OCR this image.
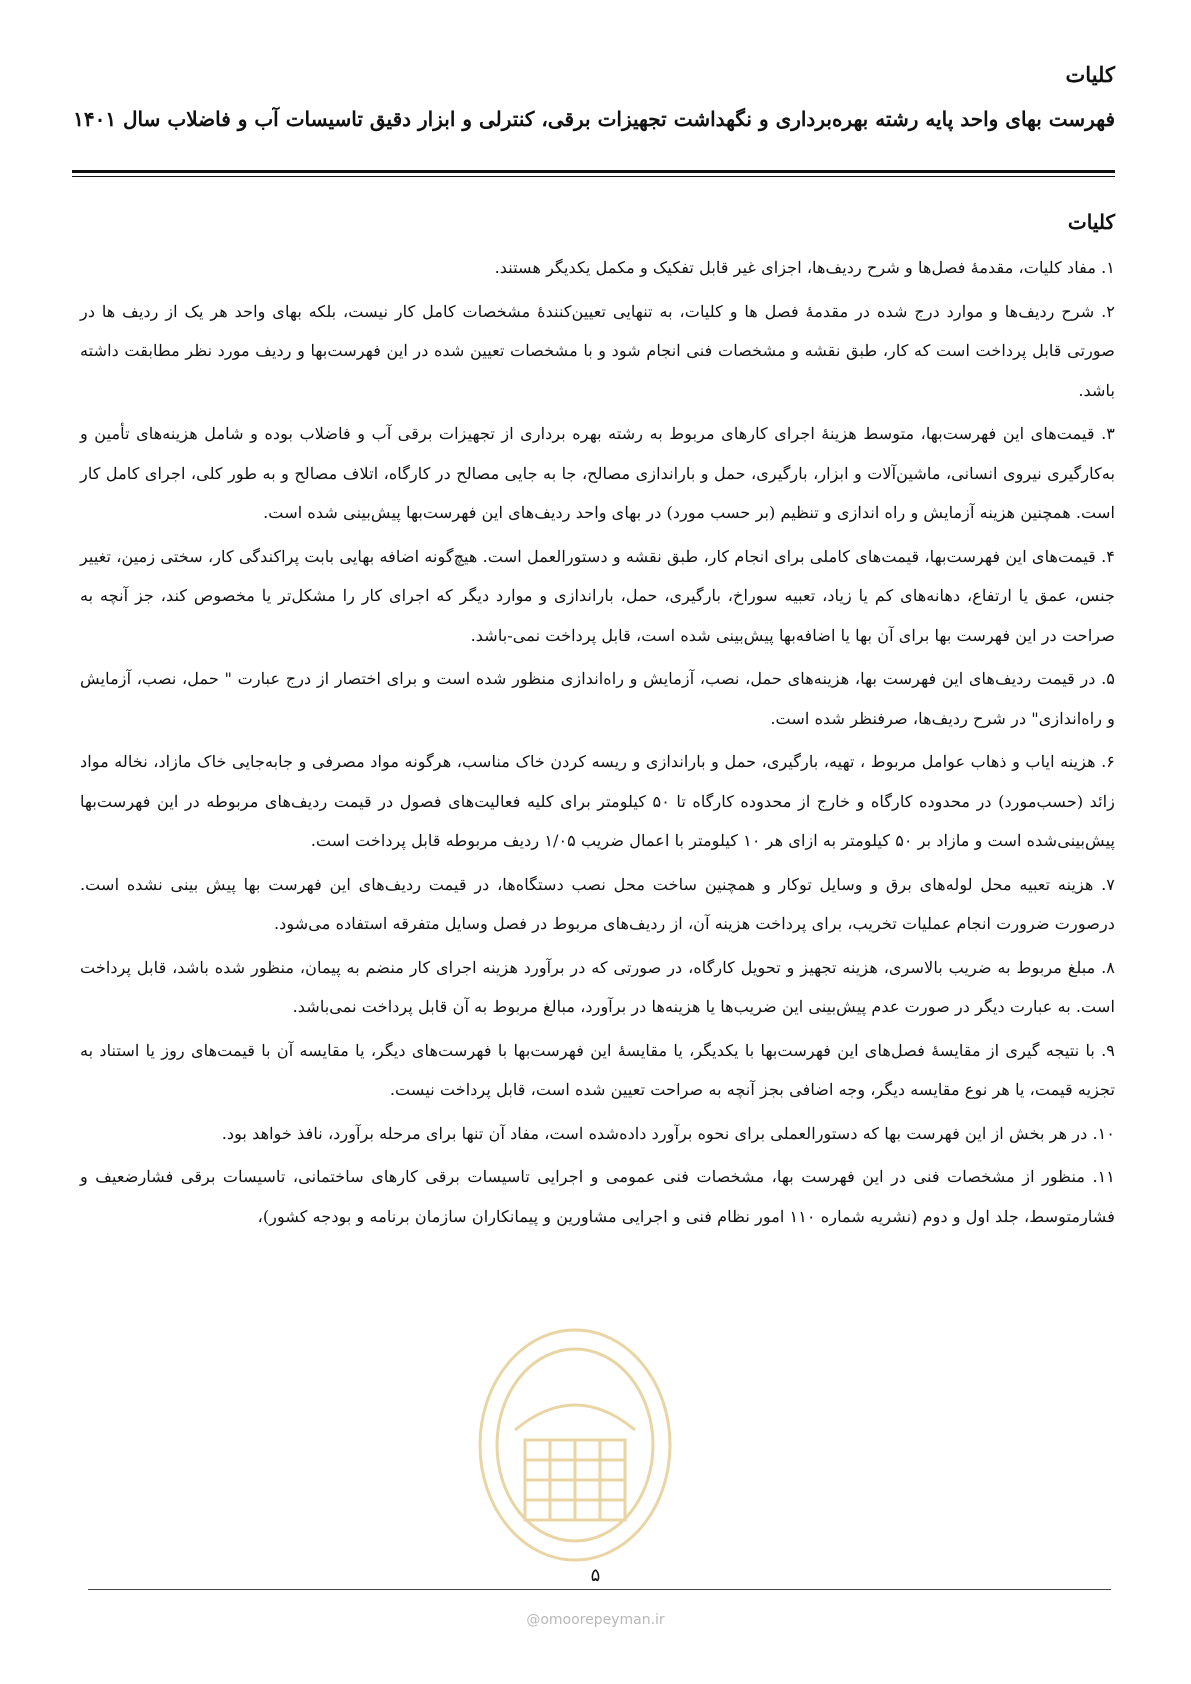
کلیات
فهرست بهای واحد پایه رشته بهره‌برداری و نگهداشت تجهیزات برقی، کنترلی و ابزار دقیق تاسیسات آب و فاضلاب سال ۱۴۰۱
کلیات

۱. مفاد کلیات، مقدمهٔ فصل‌ها و شرح ردیف‌ها، اجزای غیر قابل تفکیک و مکمل یکدیگر هستند.

۲. شرح ردیف‌ها و موارد درج شده در مقدمهٔ فصل ها و کلیات، به تنهایی تعیین‌کنندهٔ مشخصات کامل کار نیست، بلکه بهای واحد هر یک از ردیف ها در صورتی قابل پرداخت است که کار، طبق نقشه و مشخصات فنی انجام شود و با مشخصات تعیین شده در این فهرست‌بها و ردیف مورد نظر مطابقت داشته باشد.

۳. قیمت‌های این فهرست‌بها، متوسط هزینهٔ اجرای کارهای مربوط به رشته بهره برداری از تجهیزات برقی آب و فاضلاب بوده و شامل هزینه‌های تأمین و به‌کارگیری نیروی انسانی، ماشین‌آلات و ابزار، بارگیری، حمل و باراندازی مصالح، جا به جایی مصالح در کارگاه، اتلاف مصالح و به طور کلی، اجرای کامل کار است. همچنین هزینه آزمایش و راه اندازی و تنظیم (بر حسب مورد) در بهای واحد ردیف‌های این فهرست‌بها پیش‌بینی شده است.

۴. قیمت‌های این فهرست‌بها، قیمت‌های کاملی برای انجام کار، طبق نقشه و دستورالعمل است. هیچ‌گونه اضافه بهایی بابت پراکندگی کار، سختی زمین، تغییر جنس، عمق یا ارتفاع، دهانه‌های کم یا زیاد، تعبیه سوراخ، بارگیری، حمل، باراندازی و موارد دیگر که اجرای کار را مشکل‌تر یا مخصوص کند، جز آنچه به صراحت در این فهرست بها برای آن بها یا اضافه‌بها پیش‌بینی شده است، قابل پرداخت نمی-باشد.

۵. در قیمت ردیف‌های این فهرست بها، هزینه‌های حمل، نصب، آزمایش و راه‌اندازی منظور شده است و برای اختصار از درج عبارت " حمل، نصب، آزمایش و راه‌اندازی" در شرح ردیف‌ها، صرفنظر شده است.

۶. هزینه ایاب و ذهاب عوامل مربوط ، تهیه، بارگیری، حمل و باراندازی و ریسه کردن خاک مناسب، هرگونه مواد مصرفی و جابه‌جایی خاک مازاد، نخاله مواد زائد (حسب‌مورد) در محدوده کارگاه و خارج از محدوده کارگاه تا ۵۰ کیلومتر برای کلیه فعالیت‌های فصول در قیمت ردیف‌های مربوطه در این فهرست‌بها پیش‌بینی‌شده است و مازاد بر ۵۰ کیلومتر به ازای هر ۱۰ کیلومتر با اعمال ضریب ۱/۰۵ ردیف مربوطه قابل پرداخت است.

۷. هزینه تعبیه محل لوله‌های برق و وسایل توکار و همچنین ساخت محل نصب دستگاه‌ها، در قیمت ردیف‌های این فهرست بها پیش بینی نشده است. درصورت ضرورت انجام عملیات تخریب، برای پرداخت هزینه آن، از ردیف‌های مربوط در فصل وسایل متفرقه استفاده می‌شود.

۸. مبلغ مربوط به ضریب بالاسری، هزینه تجهیز و تحویل کارگاه، در صورتی که در برآورد هزینه اجرای کار منضم به پیمان، منظور شده باشد، قابل پرداخت است. به عبارت دیگر در صورت عدم پیش‌بینی این ضریب‌ها یا هزینه‌ها در برآورد، مبالغ مربوط به آن قابل پرداخت نمی‌باشد.

۹. با نتیجه گیری از مقایسهٔ فصل‌های این فهرست‌بها با یکدیگر، یا مقایسهٔ این فهرست‌بها با فهرست‌های دیگر، یا مقایسه آن با قیمت‌های روز یا استناد به تجزیه قیمت، یا هر نوع مقایسه دیگر، وجه اضافی بجز آنچه به صراحت تعیین شده است، قابل پرداخت نیست.

۱۰. در هر بخش از این فهرست بها که دستورالعملی برای نحوه برآورد داده‌شده است، مفاد آن تنها برای مرحله برآورد، نافذ خواهد بود.

۱۱. منظور از مشخصات فنی در این فهرست بها، مشخصات فنی عمومی و اجرایی تاسیسات برقی کارهای ساختمانی، تاسیسات برقی فشارضعیف و فشارمتوسط، جلد اول و دوم (نشریه شماره ۱۱۰ امور نظام فنی و اجرایی مشاورین و پیمانکاران سازمان برنامه و بودجه کشور)،

۵
@omoorepeyman.ir
